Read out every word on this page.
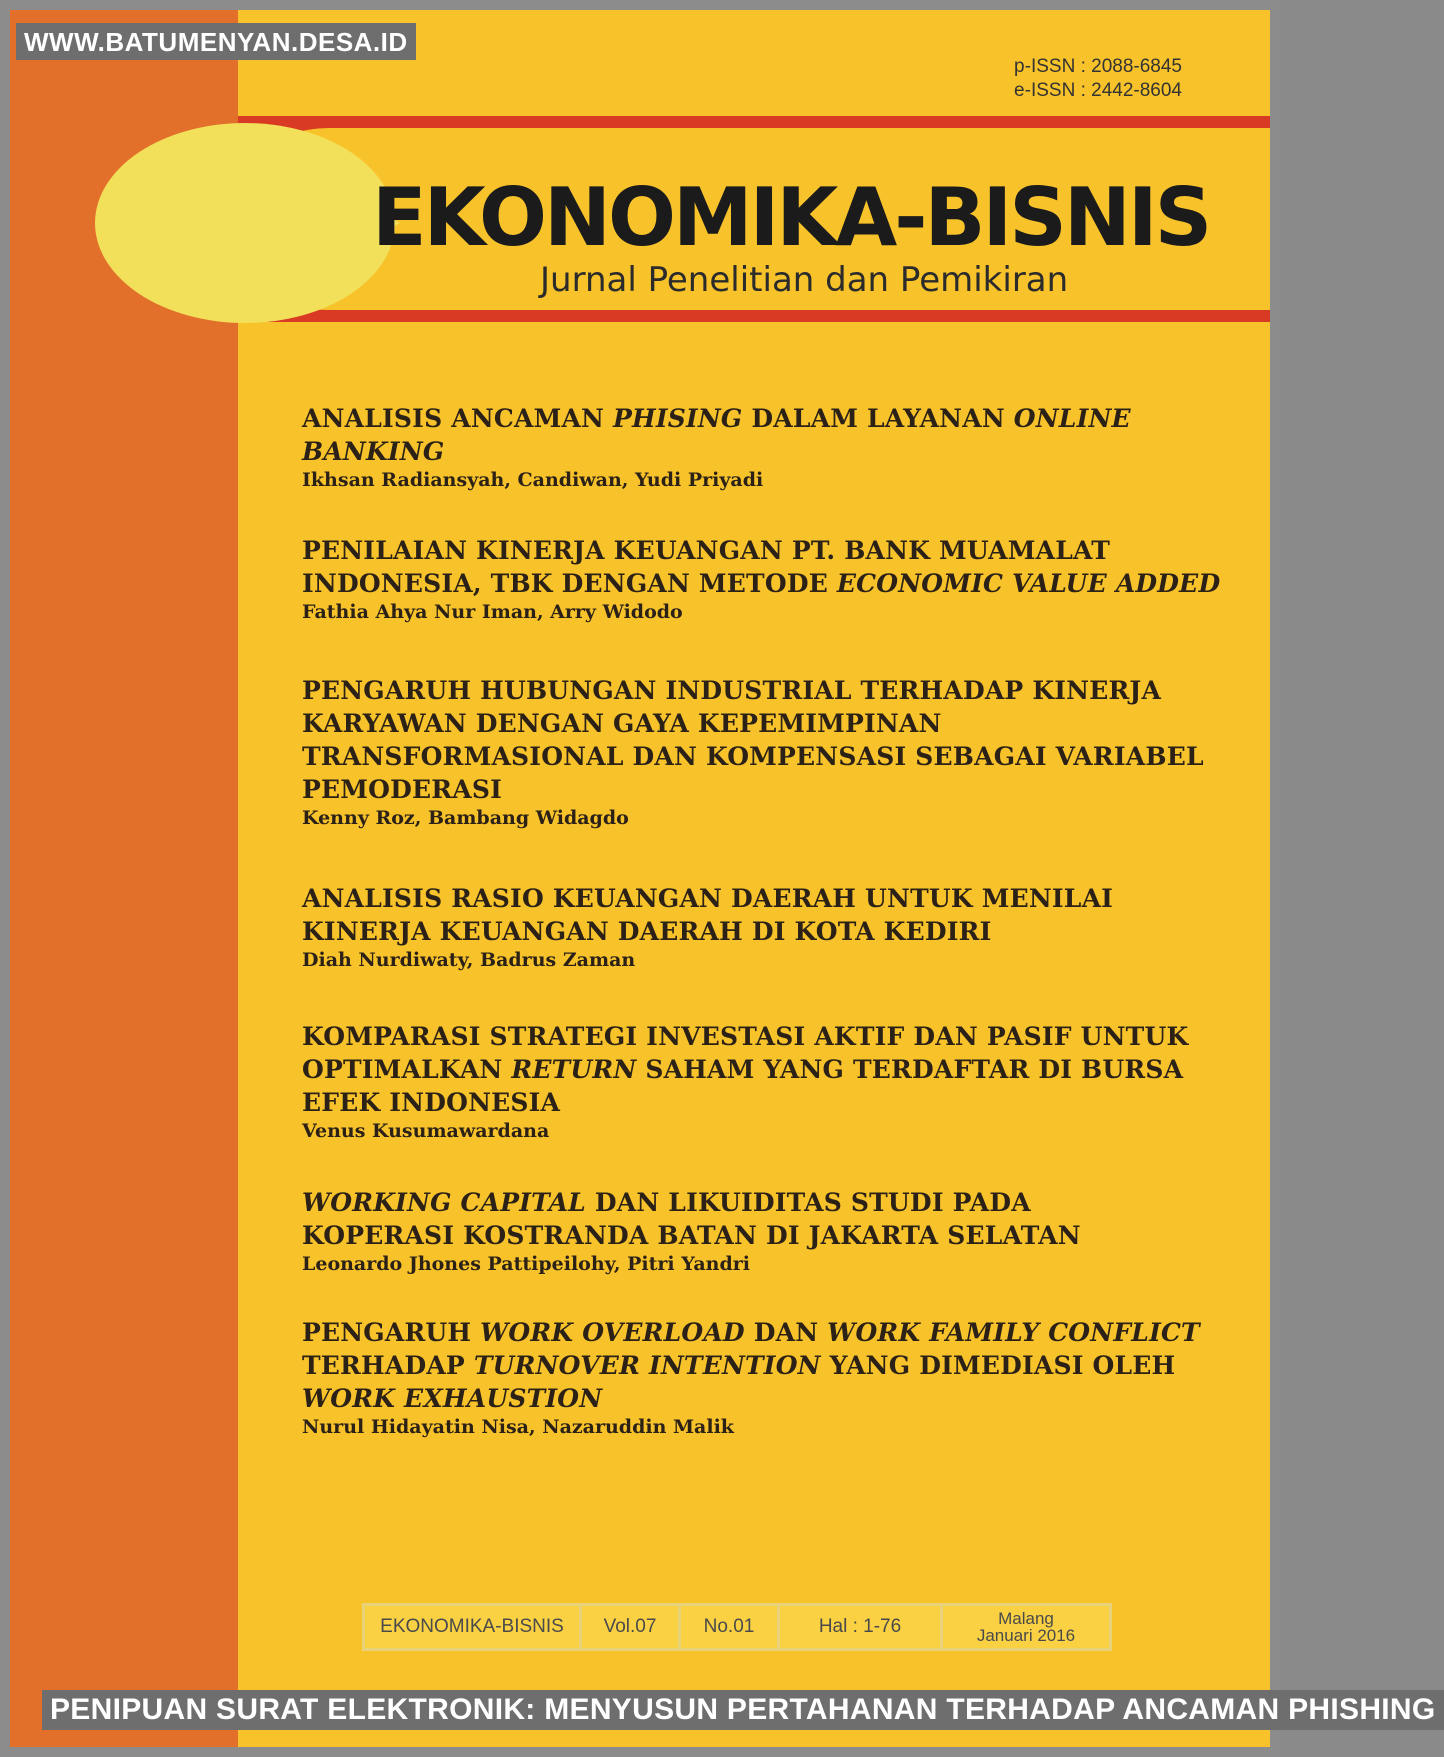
p-ISSN : 2088-6845
e-ISSN : 2442-8604
EKONOMIKA-BISNIS
Jurnal Penelitian dan Pemikiran
ANALISIS ANCAMAN PHISING DALAM LAYANAN ONLINE BANKING
Ikhsan Radiansyah, Candiwan, Yudi Priyadi
PENILAIAN KINERJA KEUANGAN PT. BANK MUAMALAT INDONESIA, TBK DENGAN METODE ECONOMIC VALUE ADDED
Fathia Ahya Nur Iman, Arry Widodo
PENGARUH HUBUNGAN INDUSTRIAL TERHADAP KINERJA KARYAWAN DENGAN GAYA KEPEMIMPINAN TRANSFORMASIONAL DAN KOMPENSASI SEBAGAI VARIABEL PEMODERASI
Kenny Roz, Bambang Widagdo
ANALISIS RASIO KEUANGAN DAERAH UNTUK MENILAI KINERJA KEUANGAN DAERAH DI KOTA KEDIRI
Diah Nurdiwaty, Badrus Zaman
KOMPARASI STRATEGI INVESTASI AKTIF DAN PASIF UNTUK OPTIMALKAN RETURN SAHAM YANG TERDAFTAR DI BURSA EFEK INDONESIA
Venus Kusumawardana
WORKING CAPITAL DAN LIKUIDITAS STUDI PADA KOPERASI KOSTRANDA BATAN DI JAKARTA SELATAN
Leonardo Jhones Pattipeilohy, Pitri Yandri
PENGARUH WORK OVERLOAD DAN WORK FAMILY CONFLICT TERHADAP TURNOVER INTENTION YANG DIMEDIASI OLEH WORK EXHAUSTION
Nurul Hidayatin Nisa, Nazaruddin Malik
EKONOMIKA-BISNIS	Vol.07	No.01	Hal : 1-76	Malang
Januari 2016
WWW.BATUMENYAN.DESA.ID
PENIPUAN SURAT ELEKTRONIK: MENYUSUN PERTAHANAN TERHADAP ANCAMAN PHISHING
